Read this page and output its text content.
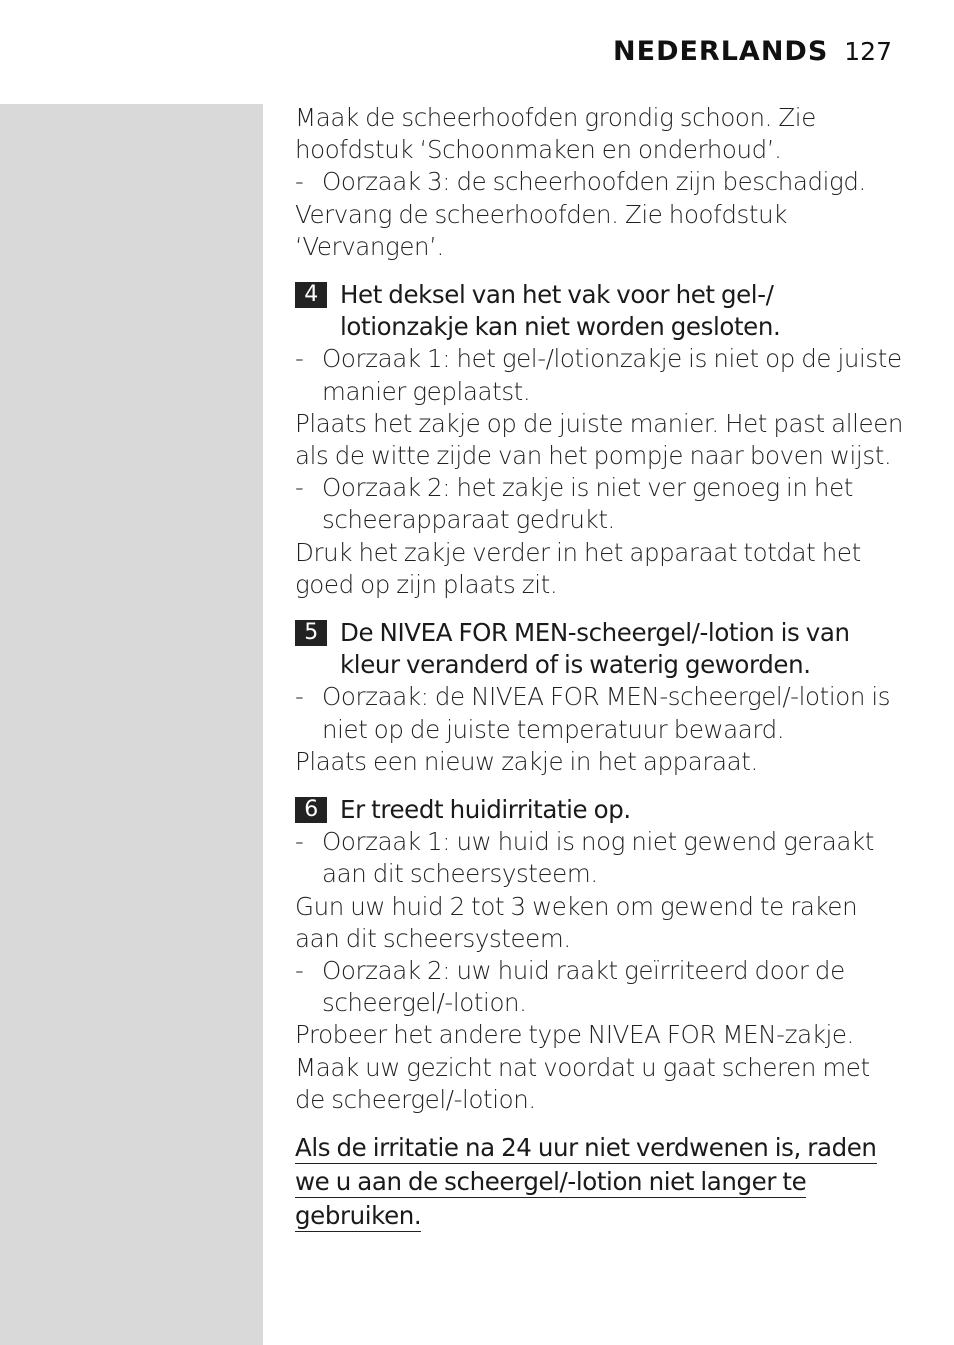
NEDERLANDS 127

Maak de scheerhoofden grondig schoon. Zie hoofdstuk ‘Schoonmaken en onderhoud’.

- Oorzaak 3: de scheerhoofden zijn beschadigd.

Vervang de scheerhoofden. Zie hoofdstuk ‘Vervangen’.

4 Het deksel van het vak voor het gel-/ lotionzakje kan niet worden gesloten.
- Oorzaak 1: het gel-/lotionzakje is niet op de juiste manier geplaatst.

Plaats het zakje op de juiste manier. Het past alleen als de witte zijde van het pompje naar boven wijst.

- Oorzaak 2: het zakje is niet ver genoeg in het scheerapparaat gedrukt.

Druk het zakje verder in het apparaat totdat het goed op zijn plaats zit.

5 De NIVEA FOR MEN-scheergel/-lotion is van kleur veranderd of is waterig geworden.
- Oorzaak: de NIVEA FOR MEN-scheergel/-lotion is niet op de juiste temperatuur bewaard.

Plaats een nieuw zakje in het apparaat.

6 Er treedt huidirritatie op.
- Oorzaak 1: uw huid is nog niet gewend geraakt aan dit scheersysteem.

Gun uw huid 2 tot 3 weken om gewend te raken aan dit scheersysteem.

- Oorzaak 2: uw huid raakt geïrriteerd door de scheergel/-lotion.

Probeer het andere type NIVEA FOR MEN-zakje. Maak uw gezicht nat voordat u gaat scheren met de scheergel/-lotion.

Als de irritatie na 24 uur niet verdwenen is, raden
we u aan de scheergel/-lotion niet langer te
gebruiken.
